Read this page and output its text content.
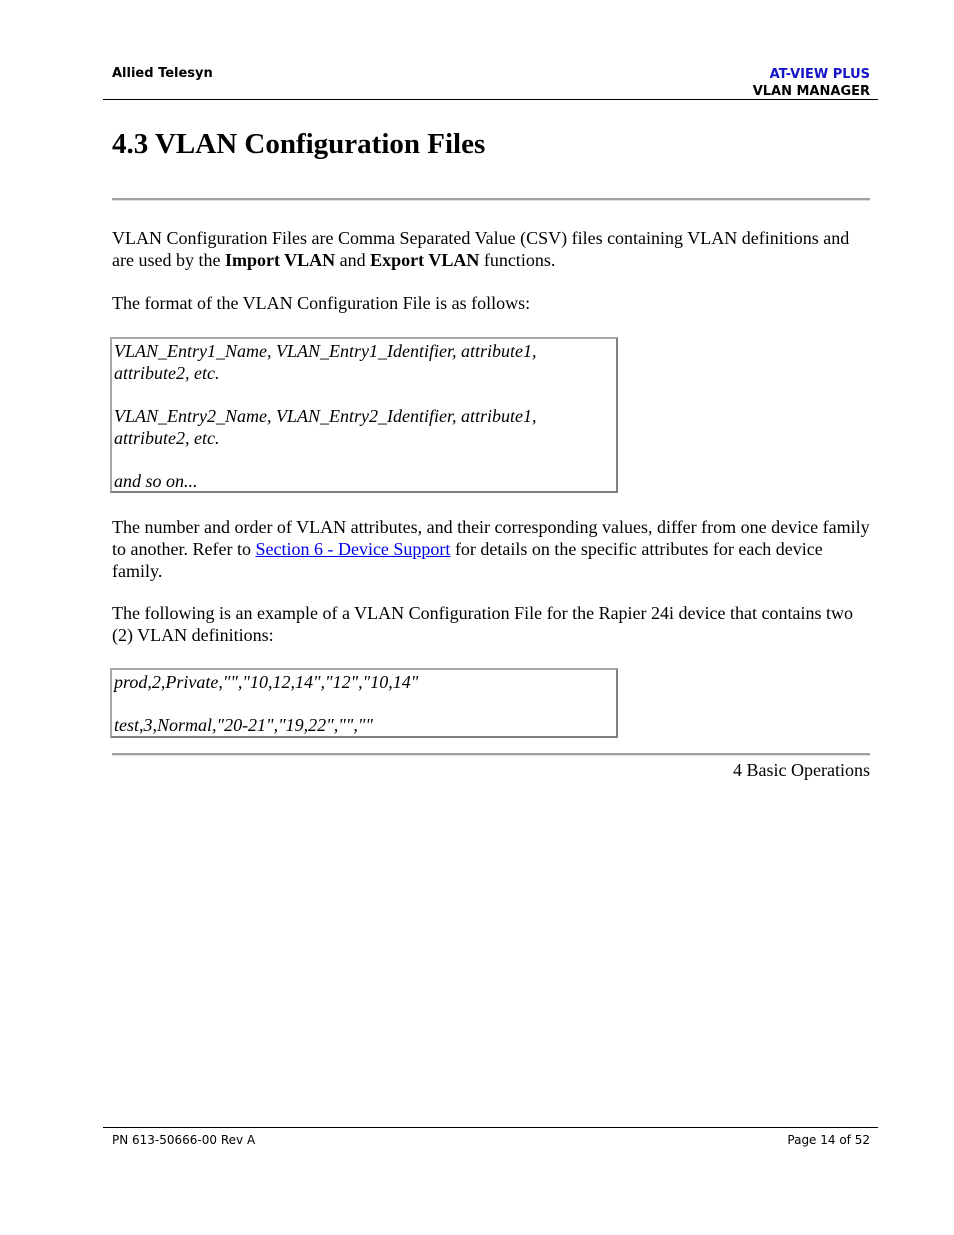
Allied Telesyn	AT-VIEW PLUS
VLAN MANAGER
4.3 VLAN Configuration Files

VLAN Configuration Files are Comma Separated Value (CSV) files containing VLAN definitions and are used by the Import VLAN and Export VLAN functions.

The format of the VLAN Configuration File is as follows:

VLAN_Entry1_Name, VLAN_Entry1_Identifier, attribute1, attribute2, etc.
VLAN_Entry2_Name, VLAN_Entry2_Identifier, attribute1, attribute2, etc.
and so on...

The number and order of VLAN attributes, and their corresponding values, differ from one device family to another. Refer to Section 6 - Device Support for details on the specific attributes for each device family.

The following is an example of a VLAN Configuration File for the Rapier 24i device that contains two (2) VLAN definitions:

prod,2,Private,"","10,12,14","12","10,14"
test,3,Normal,"20-21","19,22","",""
4 Basic Operations
PN 613-50666-00 Rev A	Page 14 of 52
